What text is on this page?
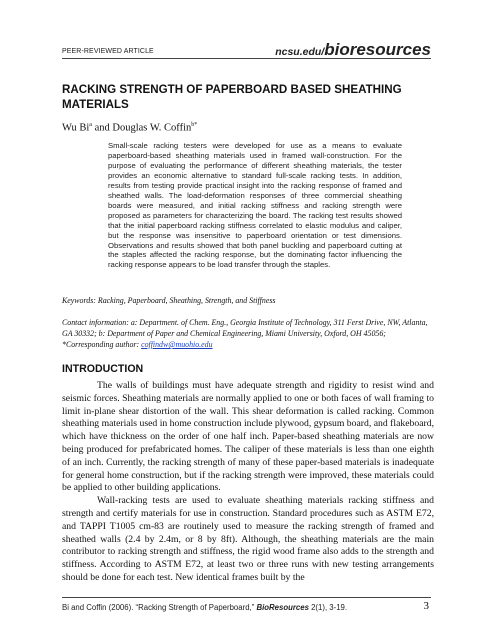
PEER-REVIEWED ARTICLE	ncsu.edu/bioresources
RACKING STRENGTH OF PAPERBOARD BASED SHEATHING MATERIALS
Wu Bi$^a$ and Douglas W. Coffin$^{b*}$
Small-scale racking testers were developed for use as a means to evaluate paperboard-based sheathing materials used in framed wall-construction. For the purpose of evaluating the performance of different sheathing materials, the tester provides an economic alternative to standard full-scale racking tests. In addition, results from testing provide practical insight into the racking response of framed and sheathed walls. The load-deformation responses of three commercial sheathing boards were measured, and initial racking stiffness and racking strength were proposed as parameters for characterizing the board. The racking test results showed that the initial paperboard racking stiffness correlated to elastic modulus and caliper, but the response was insensitive to paperboard orientation or test dimensions. Observations and results showed that both panel buckling and paperboard cutting at the staples affected the racking response, but the dominating factor influencing the racking response appears to be load transfer through the staples.
Keywords: Racking, Paperboard, Sheathing, Strength, and Stiffness
Contact information: a: Department. of Chem. Eng., Georgia Institute of Technology, 311 Ferst Drive, NW, Atlanta, GA 30332; b: Department of Paper and Chemical Engineering, Miami University, Oxford, OH 45056; *Corresponding author: coffindw@muohio.edu
INTRODUCTION

The walls of buildings must have adequate strength and rigidity to resist wind and seismic forces. Sheathing materials are normally applied to one or both faces of wall framing to limit in-plane shear distortion of the wall. This shear deformation is called racking. Common sheathing materials used in home construction include plywood, gypsum board, and flakeboard, which have thickness on the order of one half inch. Paper-based sheathing materials are now being produced for prefabricated homes. The caliper of these materials is less than one eighth of an inch. Currently, the racking strength of many of these paper-based materials is inadequate for general home construction, but if the racking strength were improved, these materials could be applied to other building applications.

Wall-racking tests are used to evaluate sheathing materials racking stiffness and strength and certify materials for use in construction. Standard procedures such as ASTM E72, and TAPPI T1005 cm-83 are routinely used to measure the racking strength of framed and sheathed walls (2.4 by 2.4m, or 8 by 8ft). Although, the sheathing materials are the main contributor to racking strength and stiffness, the rigid wood frame also adds to the strength and stiffness. According to ASTM E72, at least two or three runs with new testing arrangements should be done for each test. New identical frames built by the

Bi and Coffin (2006). “Racking Strength of Paperboard,” BioResources 2(1), 3-19.	3
